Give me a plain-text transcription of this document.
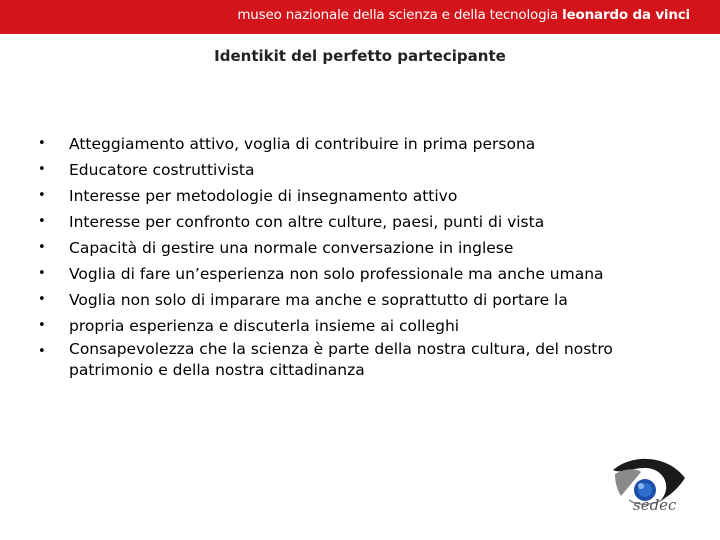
museo nazionale della scienza e della tecnologia leonardo da vinci
Identikit del perfetto partecipante
• Atteggiamento attivo, voglia di contribuire in prima persona
• Educatore costruttivista
• Interesse per metodologie di insegnamento attivo
• Interesse per confronto con altre culture, paesi, punti di vista
• Capacità di gestire una normale conversazione in inglese
• Voglia di fare un’esperienza non solo professionale ma anche umana
• Voglia non solo di imparare ma anche e soprattutto di portare la
• propria esperienza e discuterla insieme ai colleghi
• Consapevolezza che la scienza è parte della nostra cultura, del nostro
patrimonio e della nostra cittadinanza
sedec
